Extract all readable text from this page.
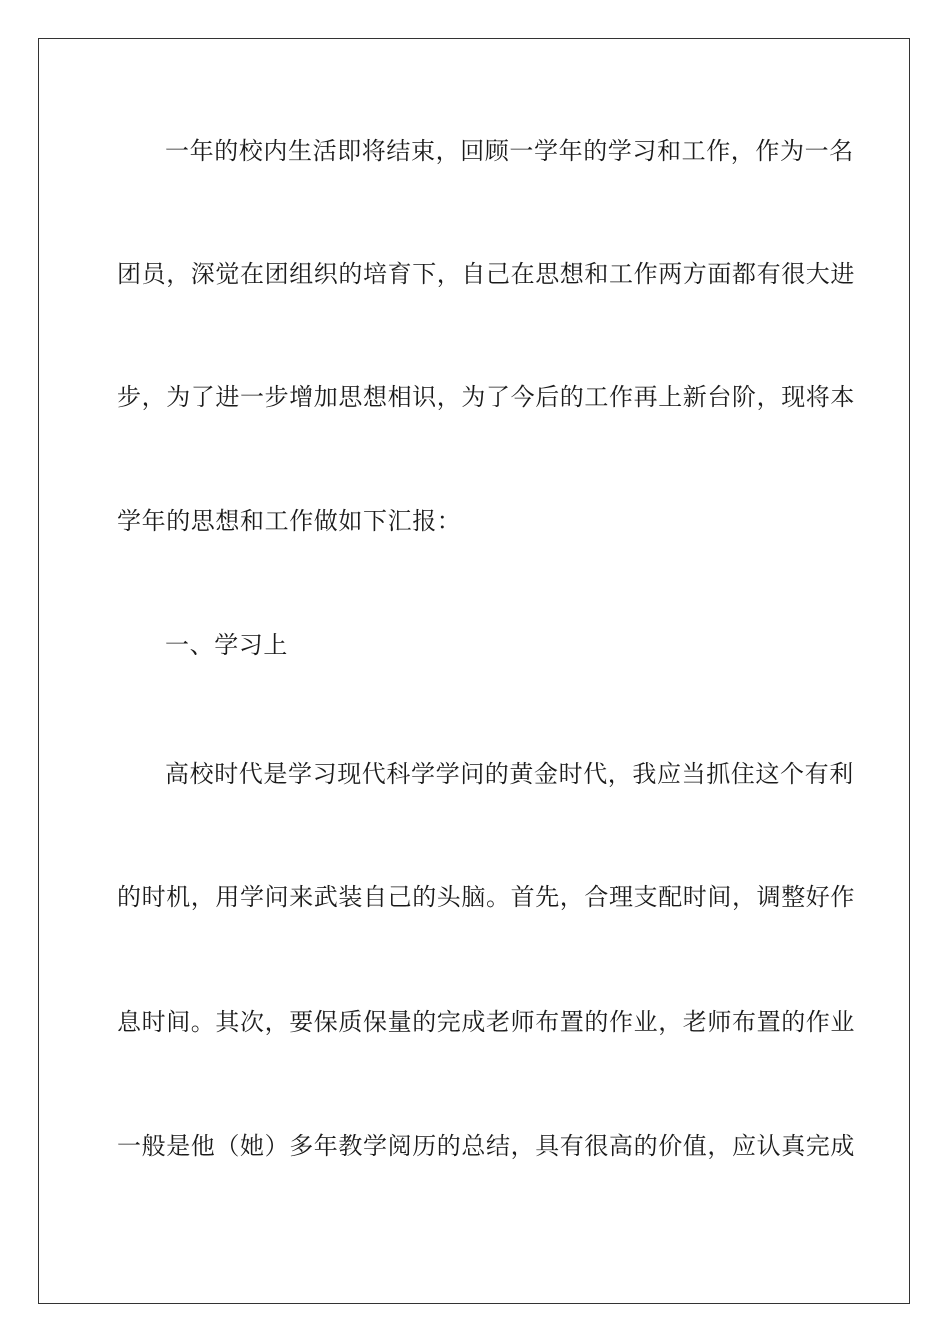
一年的校内生活即将结束，回顾一学年的学习和工作，作为一名
团员，深觉在团组织的培育下，自己在思想和工作两方面都有很大进
步，为了进一步增加思想相识，为了今后的工作再上新台阶，现将本
学年的思想和工作做如下汇报：
一、学习上
高校时代是学习现代科学学问的黄金时代，我应当抓住这个有利
的时机，用学问来武装自己的头脑。首先，合理支配时间，调整好作
息时间。其次，要保质保量的完成老师布置的作业，老师布置的作业
一般是他（她）多年教学阅历的总结，具有很高的价值，应认真完成
